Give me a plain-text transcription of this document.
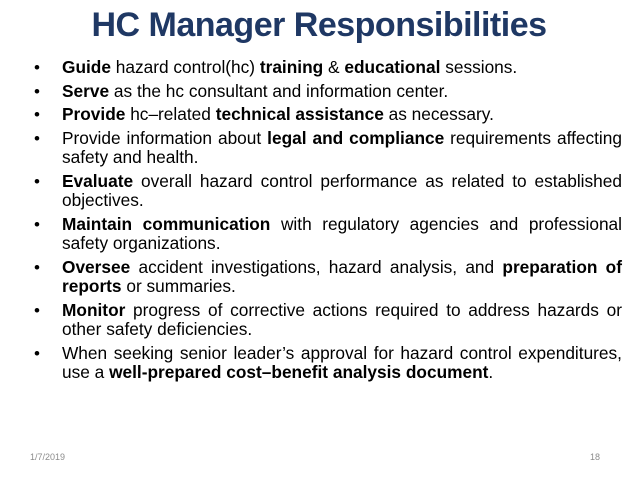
HC Manager Responsibilities
•	Guide hazard control(hc) training & educational sessions.
•	Serve as the hc consultant and information center.
•	Provide hc–related technical assistance as necessary.
•	Provide information about legal and compliance requirements affecting safety and health.
•	Evaluate overall hazard control performance as related to established objectives.
•	Maintain communication with regulatory agencies and professional safety organizations.
•	Oversee accident investigations, hazard analysis, and preparation of reports or summaries.
•	Monitor progress of corrective actions required to address hazards or other safety deficiencies.
•	When seeking senior leader’s approval for hazard control expenditures, use a well-prepared cost–benefit analysis document.
1/7/2019	18
